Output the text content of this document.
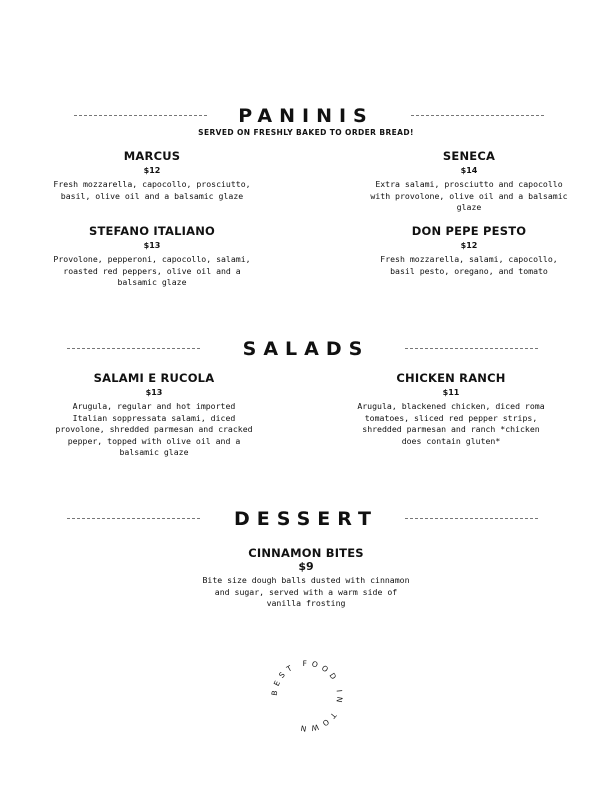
PANINIS
SERVED ON FRESHLY BAKED TO ORDER BREAD!
MARCUS
$12
Fresh mozzarella, capocollo, prosciutto, basil, olive oil and a balsamic glaze
SENECA
$14
Extra salami, prosciutto and capocollo with provolone, olive oil and a balsamic glaze
STEFANO ITALIANO
$13
Provolone, pepperoni, capocollo, salami, roasted red peppers, olive oil and a balsamic glaze
DON PEPE PESTO
$12
Fresh mozzarella, salami, capocollo, basil pesto, oregano, and tomato
SALADS
SALAMI E RUCOLA
$13
Arugula, regular and hot imported Italian soppressata salami, diced provolone, shredded parmesan and cracked pepper, topped with olive oil and a balsamic glaze
CHICKEN RANCH
$11
Arugula, blackened chicken, diced roma tomatoes, sliced red pepper strips, shredded parmesan and ranch *chicken does contain gluten*
DESSERT
CINNAMON BITES
$9
Bite size dough balls dusted with cinnamon and sugar, served with a warm side of vanilla frosting
BEST FOOD IN TOWN
